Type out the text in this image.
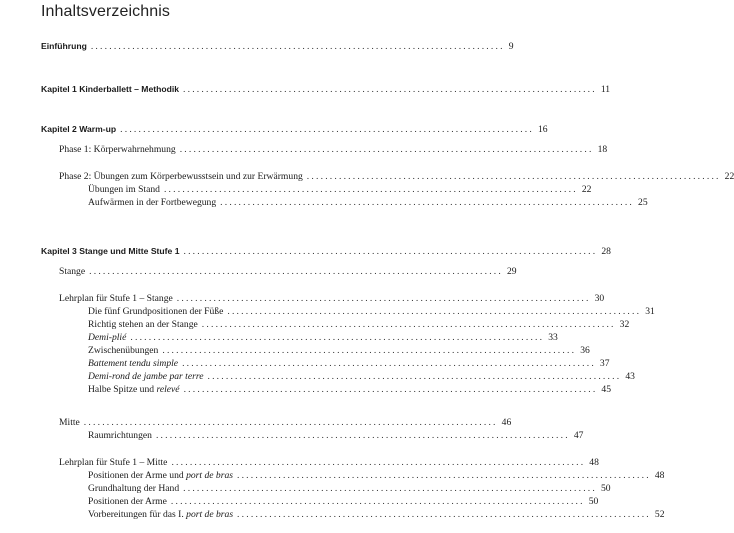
Inhaltsverzeichnis
Einführung .......................................................................................... 9
Kapitel 1 Kinderballett – Methodik .......................................................................................... 11
Kapitel 2 Warm-up .......................................................................................... 16
Phase 1: Körperwahrnehmung .......................................................................................... 18
Phase 2: Übungen zum Körperbewusstsein und zur Erwärmung .......................................................................................... 22
Übungen im Stand .......................................................................................... 22
Aufwärmen in der Fortbewegung .......................................................................................... 25
Kapitel 3 Stange und Mitte Stufe 1 .......................................................................................... 28
Stange .......................................................................................... 29
Lehrplan für Stufe 1 – Stange .......................................................................................... 30
Die fünf Grundpositionen der Füße .......................................................................................... 31
Richtig stehen an der Stange .......................................................................................... 32
Demi-plié .......................................................................................... 33
Zwischenübungen .......................................................................................... 36
Battement tendu simple .......................................................................................... 37
Demi-rond de jambe par terre .......................................................................................... 43
Halbe Spitze und relevé .......................................................................................... 45
Mitte .......................................................................................... 46
Raumrichtungen .......................................................................................... 47
Lehrplan für Stufe 1 – Mitte .......................................................................................... 48
Positionen der Arme und port de bras .......................................................................................... 48
Grundhaltung der Hand .......................................................................................... 50
Positionen der Arme .......................................................................................... 50
Vorbereitungen für das I. port de bras .......................................................................................... 52
